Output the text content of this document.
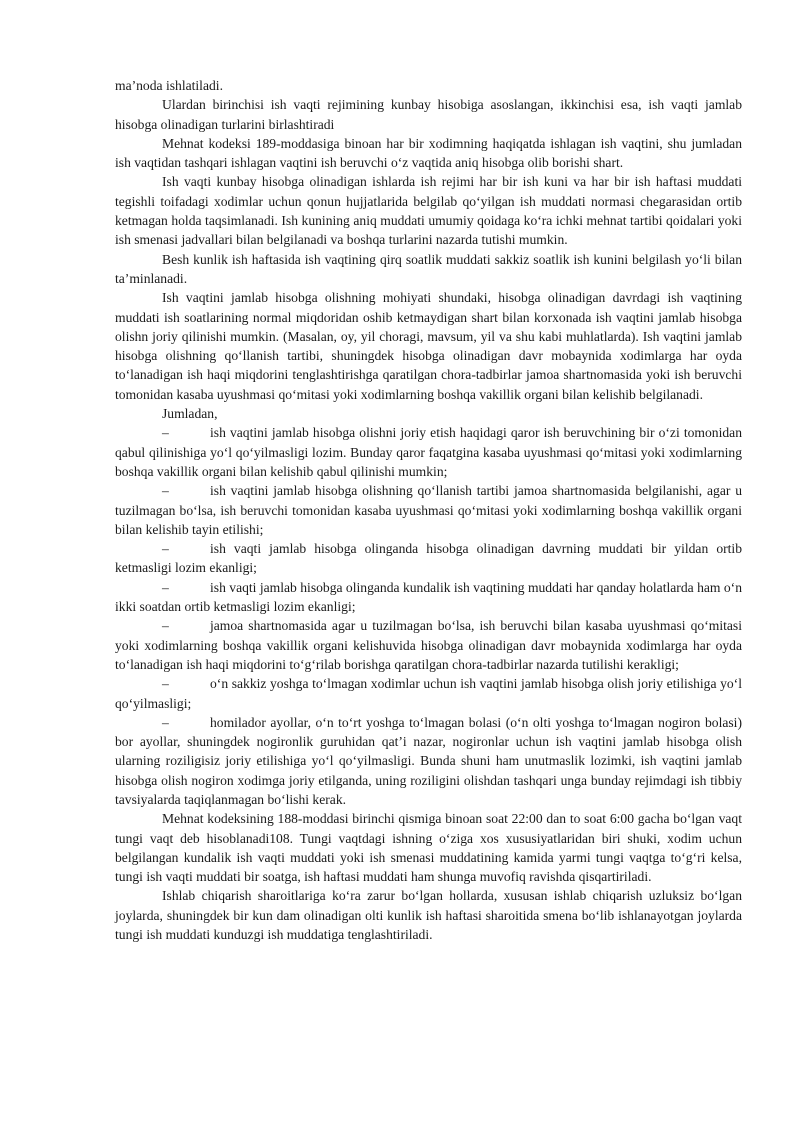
ma’noda ishlatiladi.

Ulardan birinchisi ish vaqti rejimining kunbay hisobiga asoslangan, ikkinchisi esa, ish vaqti jamlab hisobga olinadigan turlarini birlashtiradi

Mehnat kodeksi 189-moddasiga binoan har bir xodimning haqiqatda ishlagan ish vaqtini, shu jumladan ish vaqtidan tashqari ishlagan vaqtini ish beruvchi o‘z vaqtida aniq hisobga olib borishi shart.

Ish vaqti kunbay hisobga olinadigan ishlarda ish rejimi har bir ish kuni va har bir ish haftasi muddati tegishli toifadagi xodimlar uchun qonun hujjatlarida belgilab qo‘yilgan ish muddati normasi chegarasidan ortib ketmagan holda taqsimlanadi. Ish kunining aniq muddati umumiy qoidaga ko‘ra ichki mehnat tartibi qoidalari yoki ish smenasi jadvallari bilan belgilanadi va boshqa turlarini nazarda tutishi mumkin.

Besh kunlik ish haftasida ish vaqtining qirq soatlik muddati sakkiz soatlik ish kunini belgilash yo‘li bilan ta’minlanadi.

Ish vaqtini jamlab hisobga olishning mohiyati shundaki, hisobga olinadigan davrdagi ish vaqtining muddati ish soatlarining normal miqdoridan oshib ketmaydigan shart bilan korxonada ish vaqtini jamlab hisobga olishn joriy qilinishi mumkin. (Masalan, oy, yil choragi, mavsum, yil va shu kabi muhlatlarda). Ish vaqtini jamlab hisobga olishning qo‘llanish tartibi, shuningdek hisobga olinadigan davr mobaynida xodimlarga har oyda to‘lanadigan ish haqi miqdorini tenglashtirishga qaratilgan chora-tadbirlar jamoa shartnomasida yoki ish beruvchi tomonidan kasaba uyushmasi qo‘mitasi yoki xodimlarning boshqa vakillik organi bilan kelishib belgilanadi.

Jumladan,

–	ish vaqtini jamlab hisobga olishni joriy etish haqidagi qaror ish beruvchining bir o‘zi tomonidan qabul qilinishiga yo‘l qo‘yilmasligi lozim. Bunday qaror faqatgina kasaba uyushmasi qo‘mitasi yoki xodimlarning boshqa vakillik organi bilan kelishib qabul qilinishi mumkin;

–	ish vaqtini jamlab hisobga olishning qo‘llanish tartibi jamoa shartnomasida belgilanishi, agar u tuzilmagan bo‘lsa, ish beruvchi tomonidan kasaba uyushmasi qo‘mitasi yoki xodimlarning boshqa vakillik organi bilan kelishib tayin etilishi;

–	ish vaqti jamlab hisobga olinganda hisobga olinadigan davrning muddati bir yildan ortib ketmasligi lozim ekanligi;

–	ish vaqti jamlab hisobga olinganda kundalik ish vaqtining muddati har qanday holatlarda ham o‘n ikki soatdan ortib ketmasligi lozim ekanligi;

–	jamoa shartnomasida agar u tuzilmagan bo‘lsa, ish beruvchi bilan kasaba uyushmasi qo‘mitasi yoki xodimlarning boshqa vakillik organi kelishuvida hisobga olinadigan davr mobaynida xodimlarga har oyda to‘lanadigan ish haqi miqdorini to‘g‘rilab borishga qaratilgan chora-tadbirlar nazarda tutilishi kerakligi;

–	o‘n sakkiz yoshga to‘lmagan xodimlar uchun ish vaqtini jamlab hisobga olish joriy etilishiga yo‘l qo‘yilmasligi;

–	homilador ayollar, o‘n to‘rt yoshga to‘lmagan bolasi (o‘n olti yoshga to‘lmagan nogiron bolasi) bor ayollar, shuningdek nogironlik guruhidan qat’i nazar, nogironlar uchun ish vaqtini jamlab hisobga olish ularning roziligisiz joriy etilishiga yo‘l qo‘yilmasligi. Bunda shuni ham unutmaslik lozimki, ish vaqtini jamlab hisobga olish nogiron xodimga joriy etilganda, uning roziligini olishdan tashqari unga bunday rejimdagi ish tibbiy tavsiyalarda taqiqlanmagan bo‘lishi kerak.

Mehnat kodeksining 188-moddasi birinchi qismiga binoan soat 22:00 dan to soat 6:00 gacha bo‘lgan vaqt tungi vaqt deb hisoblanadi108. Tungi vaqtdagi ishning o‘ziga xos xususiyatlaridan biri shuki, xodim uchun belgilangan kundalik ish vaqti muddati yoki ish smenasi muddatining kamida yarmi tungi vaqtga to‘g‘ri kelsa, tungi ish vaqti muddati bir soatga, ish haftasi muddati ham shunga muvofiq ravishda qisqartiriladi.

Ishlab chiqarish sharoitlariga ko‘ra zarur bo‘lgan hollarda, xususan ishlab chiqarish uzluksiz bo‘lgan joylarda, shuningdek bir kun dam olinadigan olti kunlik ish haftasi sharoitida smena bo‘lib ishlanayotgan joylarda tungi ish muddati kunduzgi ish muddatiga tenglashtiriladi.
